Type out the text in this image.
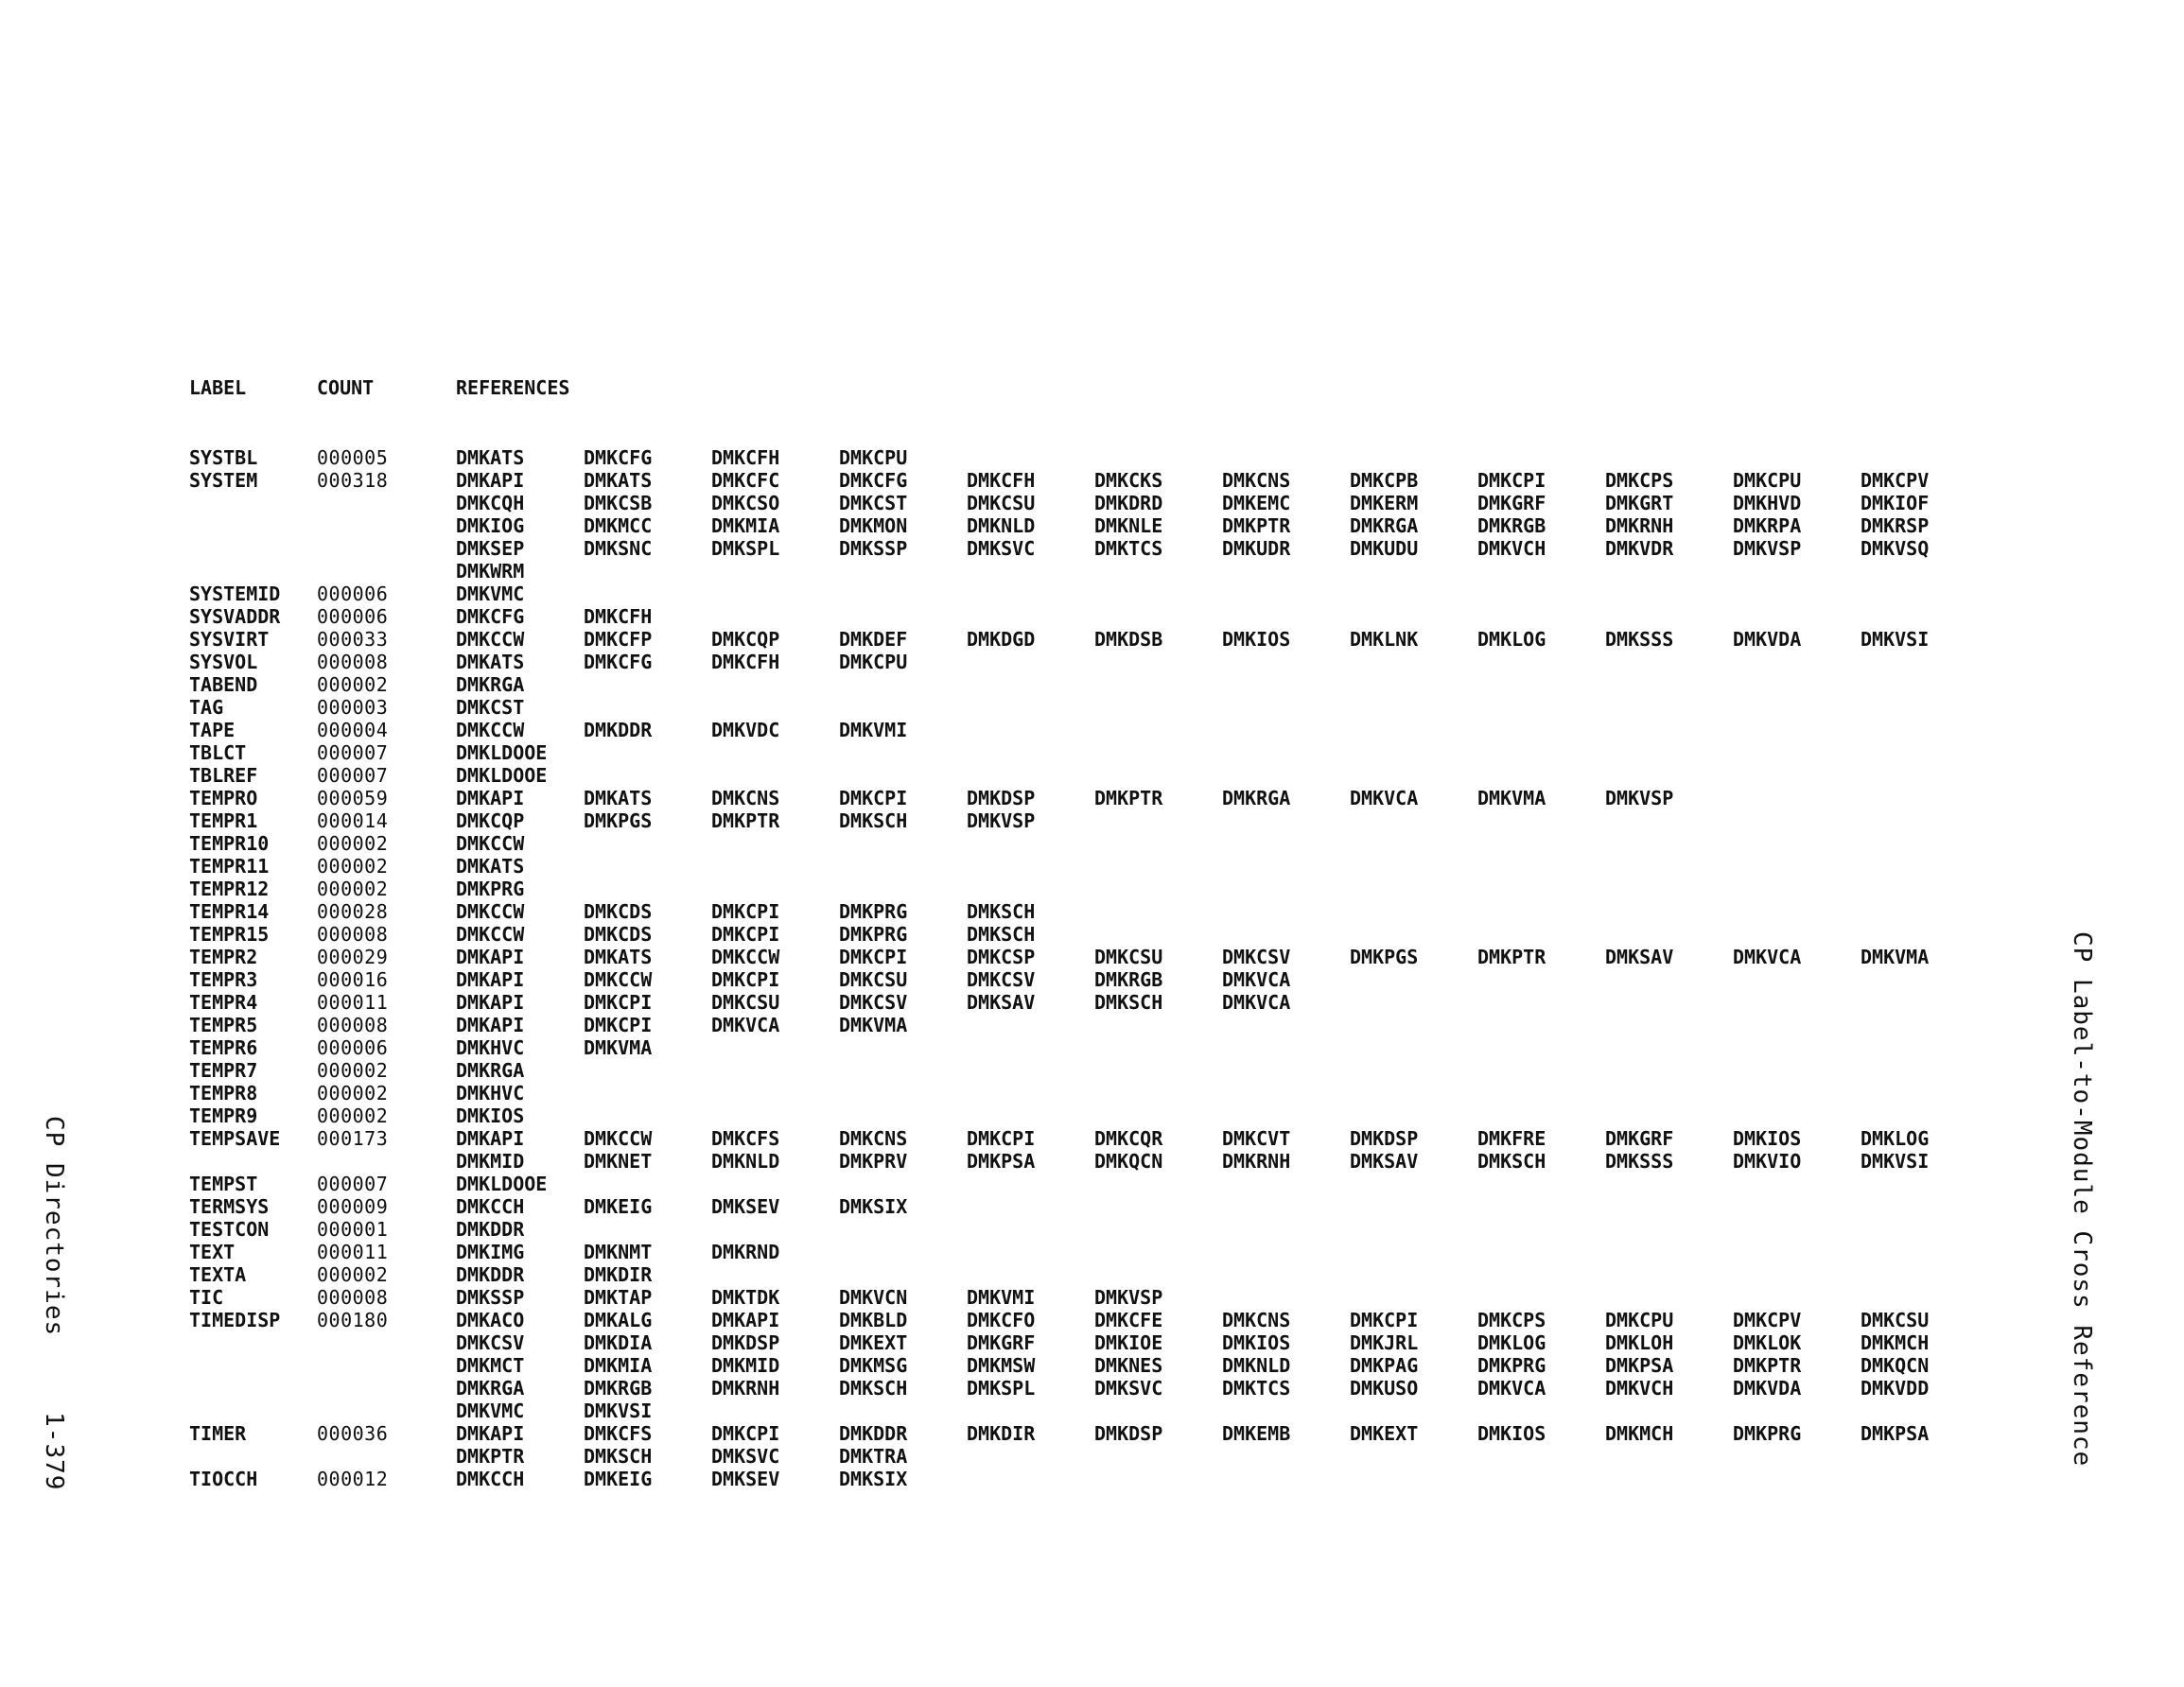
LABEL	COUNT	REFERENCES
SYSTBL	000005	DMKATS	DMKCFG	DMKCFH	DMKCPU
SYSTEM	000318	DMKAPI	DMKATS	DMKCFC	DMKCFG	DMKCFH	DMKCKS	DMKCNS	DMKCPB	DMKCPI	DMKCPS	DMKCPU	DMKCPV
DMKCQH	DMKCSB	DMKCSO	DMKCST	DMKCSU	DMKDRD	DMKEMC	DMKERM	DMKGRF	DMKGRT	DMKHVD	DMKIOF
DMKIOG	DMKMCC	DMKMIA	DMKMON	DMKNLD	DMKNLE	DMKPTR	DMKRGA	DMKRGB	DMKRNH	DMKRPA	DMKRSP
DMKSEP	DMKSNC	DMKSPL	DMKSSP	DMKSVC	DMKTCS	DMKUDR	DMKUDU	DMKVCH	DMKVDR	DMKVSP	DMKVSQ
DMKWRM
SYSTEMID	000006	DMKVMC
SYSVADDR	000006	DMKCFG	DMKCFH
SYSVIRT	000033	DMKCCW	DMKCFP	DMKCQP	DMKDEF	DMKDGD	DMKDSB	DMKIOS	DMKLNK	DMKLOG	DMKSSS	DMKVDA	DMKVSI
SYSVOL	000008	DMKATS	DMKCFG	DMKCFH	DMKCPU
TABEND	000002	DMKRGA
TAG	000003	DMKCST
TAPE	000004	DMKCCW	DMKDDR	DMKVDC	DMKVMI
TBLCT	000007	DMKLDOOE
TBLREF	000007	DMKLDOOE
TEMPRO	000059	DMKAPI	DMKATS	DMKCNS	DMKCPI	DMKDSP	DMKPTR	DMKRGA	DMKVCA	DMKVMA	DMKVSP
TEMPR1	000014	DMKCQP	DMKPGS	DMKPTR	DMKSCH	DMKVSP
TEMPR10	000002	DMKCCW
TEMPR11	000002	DMKATS
TEMPR12	000002	DMKPRG
TEMPR14	000028	DMKCCW	DMKCDS	DMKCPI	DMKPRG	DMKSCH
TEMPR15	000008	DMKCCW	DMKCDS	DMKCPI	DMKPRG	DMKSCH
TEMPR2	000029	DMKAPI	DMKATS	DMKCCW	DMKCPI	DMKCSP	DMKCSU	DMKCSV	DMKPGS	DMKPTR	DMKSAV	DMKVCA	DMKVMA
TEMPR3	000016	DMKAPI	DMKCCW	DMKCPI	DMKCSU	DMKCSV	DMKRGB	DMKVCA
TEMPR4	000011	DMKAPI	DMKCPI	DMKCSU	DMKCSV	DMKSAV	DMKSCH	DMKVCA
TEMPR5	000008	DMKAPI	DMKCPI	DMKVCA	DMKVMA
TEMPR6	000006	DMKHVC	DMKVMA
TEMPR7	000002	DMKRGA
TEMPR8	000002	DMKHVC
TEMPR9	000002	DMKIOS
TEMPSAVE	000173	DMKAPI	DMKCCW	DMKCFS	DMKCNS	DMKCPI	DMKCQR	DMKCVT	DMKDSP	DMKFRE	DMKGRF	DMKIOS	DMKLOG
DMKMID	DMKNET	DMKNLD	DMKPRV	DMKPSA	DMKQCN	DMKRNH	DMKSAV	DMKSCH	DMKSSS	DMKVIO	DMKVSI
TEMPST	000007	DMKLDOOE
TERMSYS	000009	DMKCCH	DMKEIG	DMKSEV	DMKSIX
TESTCON	000001	DMKDDR
TEXT	000011	DMKIMG	DMKNMT	DMKRND
TEXTA	000002	DMKDDR	DMKDIR
TIC	000008	DMKSSP	DMKTAP	DMKTDK	DMKVCN	DMKVMI	DMKVSP
TIMEDISP	000180	DMKACO	DMKALG	DMKAPI	DMKBLD	DMKCFO	DMKCFE	DMKCNS	DMKCPI	DMKCPS	DMKCPU	DMKCPV	DMKCSU
DMKCSV	DMKDIA	DMKDSP	DMKEXT	DMKGRF	DMKIOE	DMKIOS	DMKJRL	DMKLOG	DMKLOH	DMKLOK	DMKMCH
DMKMCT	DMKMIA	DMKMID	DMKMSG	DMKMSW	DMKNES	DMKNLD	DMKPAG	DMKPRG	DMKPSA	DMKPTR	DMKQCN
DMKRGA	DMKRGB	DMKRNH	DMKSCH	DMKSPL	DMKSVC	DMKTCS	DMKUSO	DMKVCA	DMKVCH	DMKVDA	DMKVDD
DMKVMC	DMKVSI
TIMER	000036	DMKAPI	DMKCFS	DMKCPI	DMKDDR	DMKDIR	DMKDSP	DMKEMB	DMKEXT	DMKIOS	DMKMCH	DMKPRG	DMKPSA
DMKPTR	DMKSCH	DMKSVC	DMKTRA
TIOCCH	000012	DMKCCH	DMKEIG	DMKSEV	DMKSIX
CP Directories1-379	CP Label-to-Module Cross Reference
